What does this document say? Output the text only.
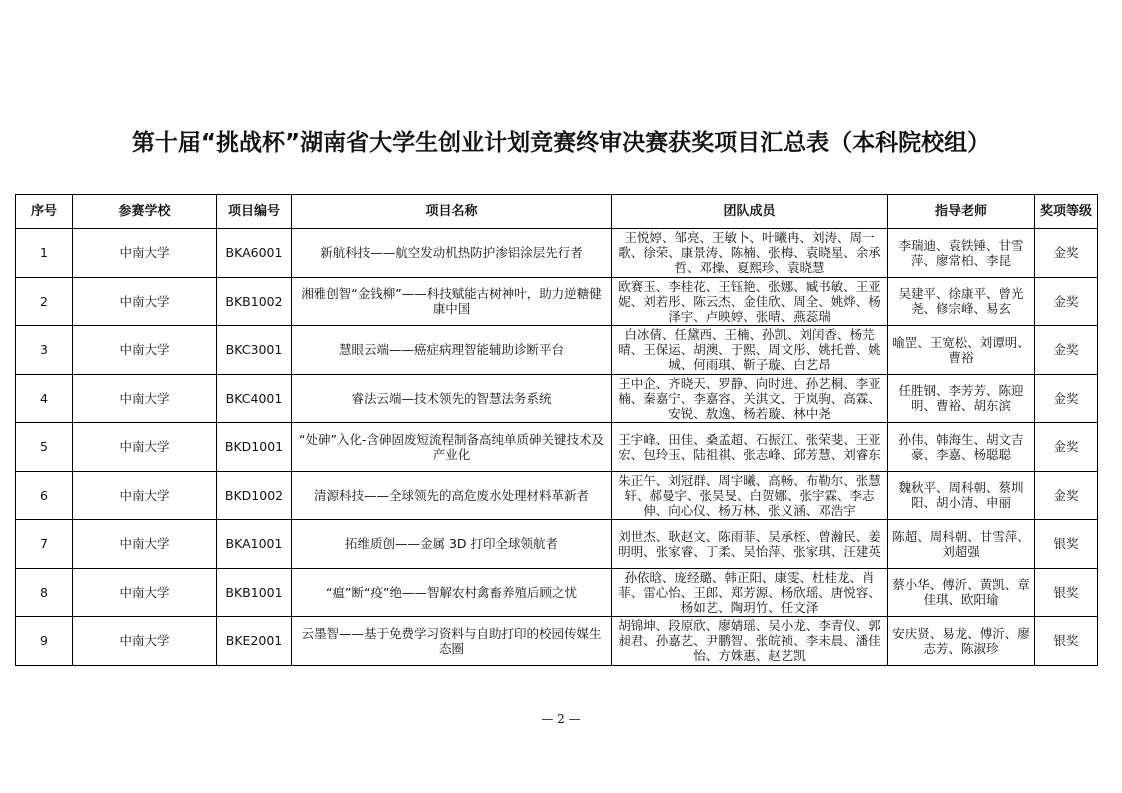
第十届“挑战杯”湖南省大学生创业计划竞赛终审决赛获奖项目汇总表（本科院校组）
序号	参赛学校	项目编号	项目名称	团队成员	指导老师	奖项等级
1	中南大学	BKA6001	新航科技——航空发动机热防护渗铝涂层先行者	王悦婷、邹亮、王敏卜、叶曦冉、刘涛、周一歌、徐荣、康景涛、陈楠、张梅、袁晓星、余承哲、邓操、夏熙珍、袁晓慧	李瑞迪、袁铁锤、甘雪萍、廖常柏、李昆	金奖
2	中南大学	BKB1002	湘雅创智“金钱柳”——科技赋能古树神叶，助力逆糖健康中国	欧赛玉、李桂花、王钰艳、张娜、臧书敏、王亚妮、刘若彤、陈云杰、金佳欣、周全、姚烨、杨泽宇、卢映婷、张晴、燕蕊瑞	吴建平、徐康平、曾光尧、修宗峰、易玄	金奖
3	中南大学	BKC3001	慧眼云端——癌症病理智能辅助诊断平台	白冰倩、任黛西、王楠、孙凯、刘闰香、杨芫晴、王保运、胡澳、于熙、周文彤、姚托普、姚城、何雨琪、靳子璇、白艺昂	喻罡、王宽松、刘谭明、曹裕	金奖
4	中南大学	BKC4001	睿法云端—技术领先的智慧法务系统	王中企、齐晓天、罗静、向时进、孙艺桐、李亚楠、秦嘉宁、李嘉容、关淇文、于岚驹、高霖、安锐、敖逸、杨若璇、林中尧	任胜钢、李芳芳、陈迎明、曹裕、胡东滨	金奖
5	中南大学	BKD1001	“处砷”入化-含砷固废短流程制备高纯单质砷关键技术及产业化	王宇峰、田佳、桑孟超、石振江、张荣斐、王亚宏、包玲玉、陆祖祺、张志峰、邱芳慧、刘睿东	孙伟、韩海生、胡文吉豪、李嘉、杨聪聪	金奖
6	中南大学	BKD1002	清源科技——全球领先的高危废水处理材料革新者	朱正午、刘冠群、周宇曦、高畅、布勒尔、张慧轩、郝曼宇、张昊旻、白贺娜、张宇霖、李志伸、向心仪、杨万林、张义涵、邓浩宇	魏秋平、周科朝、蔡圳阳、胡小清、申丽	金奖
7	中南大学	BKA1001	拓维质创——金属 3D 打印全球领航者	刘世杰、耿赵文、陈雨菲、吴承桎、曾瀚民、姜明明、张家睿、丁柔、吴怡萍、张家琪、汪建英	陈超、周科朝、甘雪萍、刘超强	银奖
8	中南大学	BKB1001	“瘟”断“疫”绝——智解农村禽畜养殖后顾之忧	孙依晗、庞经璐、韩正阳、康雯、杜桂龙、肖菲、雷心怡、王郎、郑芳源、杨欣瑶、唐悦容、杨如艺、陶玥竹、任文泽	蔡小华、傅沂、黄凯、章佳琪、欧阳瑜	银奖
9	中南大学	BKE2001	云墨智——基于免费学习资料与自助打印的校园传媒生态圈	胡锦坤、段原欣、廖婧瑶、吴小龙、李青仪、郭昶君、孙嘉艺、尹鹏智、张皖祯、李未晨、潘佳怡、方姝惠、赵艺凯	安庆贤、易龙、傅沂、廖志芳、陈淑珍	银奖
— 2 —
